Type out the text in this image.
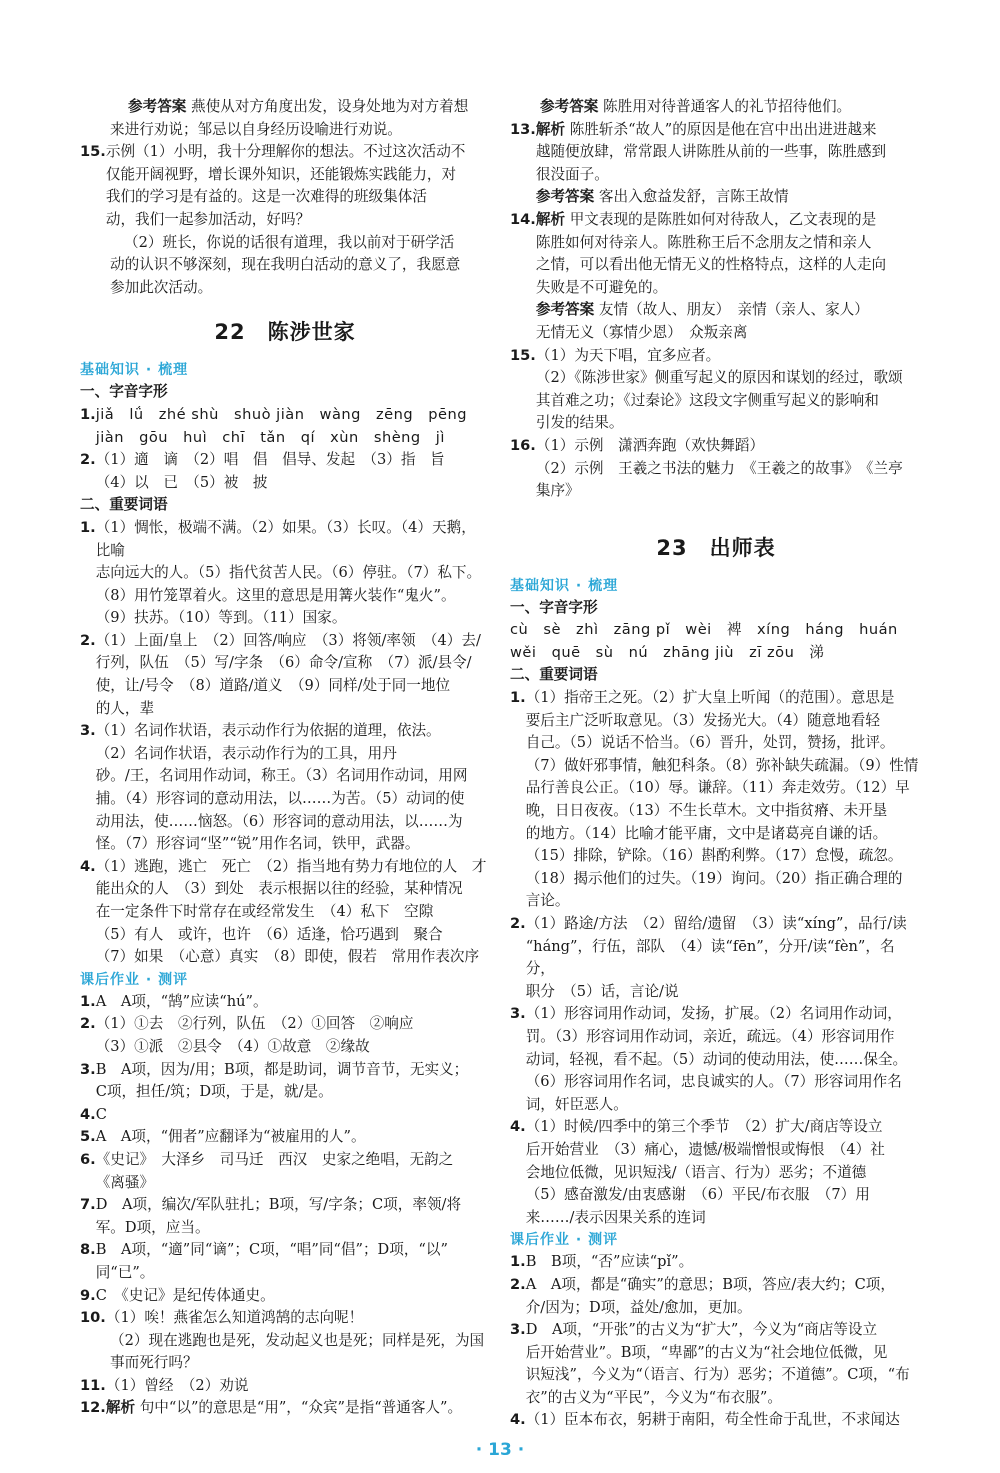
参考答案 燕使从对方角度出发，设身处地为对方着想
来进行劝说；邹忌以自身经历设喻进行劝说。
15. 示例（1）小明，我十分理解你的想法。不过这次活动不
仅能开阔视野，增长课外知识，还能锻炼实践能力，对
我们的学习是有益的。这是一次难得的班级集体活
动，我们一起参加活动，好吗？
（2）班长，你说的话很有道理，我以前对于研学活
动的认识不够深刻，现在我明白活动的意义了，我愿意
参加此次活动。
22　陈涉世家
基础知识 · 梳理
一、字音字形
1. jiǎ　lǘ　zhé shù　shuò jiàn　wàng　zēng　pēng
jiàn　gōu　huì　chī　tǎn　qí　xùn　shèng　jì
2. （1）適　谪　（2）唱　倡　倡导、发起　（3）指　旨
（4）以　已　（5）被　披
二、重要词语
1. （1）惆怅，极端不满。（2）如果。（3）长叹。（4）天鹅，比喻
志向远大的人。（5）指代贫苦人民。（6）停驻。（7）私下。
（8）用竹笼罩着火。这里的意思是用篝火装作“鬼火”。
（9）扶苏。（10）等到。（11）国家。
2. （1）上面/皇上　（2）回答/响应　（3）将领/率领　（4）去/
行列，队伍　（5）写/字条　（6）命令/宣称　（7）派/县令/
使，让/号令　（8）道路/道义　（9）同样/处于同一地位
的人，辈
3. （1）名词作状语，表示动作行为依据的道理，依法。
（2）名词作状语，表示动作行为的工具，用丹
砂。/王，名词用作动词，称王。（3）名词用作动词，用网
捕。（4）形容词的意动用法，以……为苦。（5）动词的使
动用法，使……恼怒。（6）形容词的意动用法，以……为
怪。（7）形容词“坚”“锐”用作名词，铁甲，武器。
4. （1）逃跑，逃亡　死亡　（2）指当地有势力有地位的人　才
能出众的人　（3）到处　表示根据以往的经验，某种情况
在一定条件下时常存在或经常发生　（4）私下　空隙
（5）有人　或许，也许　（6）适逢，恰巧遇到　聚合
（7）如果　（心意）真实　（8）即使，假若　常用作表次序
课后作业 · 测评
1. A　A项，“鹄”应读“hú”。
2. （1）①去　②行列，队伍　（2）①回答　②响应
（3）①派　②县令　（4）①故意　②缘故
3. B　A项，因为/用；B项，都是助词，调节音节，无实义；
C项，担任/筑；D项，于是，就/是。
4. C
5. A　A项，“佣者”应翻译为“被雇用的人”。
6. 《史记》　大泽乡　司马迁　西汉　史家之绝唱，无韵之
《离骚》
7. D　A项，编次/军队驻扎；B项，写/字条；C项，率领/将
军。D项，应当。
8. B　A项，“適”同“谪”；C项，“唱”同“倡”；D项，“以”
同“已”。
9. C　《史记》是纪传体通史。
10. （1）唉！燕雀怎么知道鸿鹄的志向呢！
（2）现在逃跑也是死，发动起义也是死；同样是死，为国
事而死行吗？
11. （1）曾经　（2）劝说
12. 解析 句中“以”的意思是“用”，“众宾”是指“普通客人”。
参考答案 陈胜用对待普通客人的礼节招待他们。
13. 解析 陈胜斩杀“故人”的原因是他在宫中出出进进越来
越随便放肆，常常跟人讲陈胜从前的一些事，陈胜感到
很没面子。
参考答案 客出入愈益发舒，言陈王故情
14. 解析 甲文表现的是陈胜如何对待敌人，乙文表现的是
陈胜如何对待亲人。陈胜称王后不念朋友之情和亲人
之情，可以看出他无情无义的性格特点，这样的人走向
失败是不可避免的。
参考答案 友情（故人、朋友）　亲情（亲人、家人）
无情无义（寡情少恩）　众叛亲离
15. （1）为天下唱，宜多应者。
（2）《陈涉世家》侧重写起义的原因和谋划的经过，歌颂
其首难之功；《过秦论》这段文字侧重写起义的影响和
引发的结果。
16. （1）示例　潇洒奔跑（欢快舞蹈）
（2）示例　王羲之书法的魅力　《王羲之的故事》　《兰亭
集序》
23　出师表
基础知识 · 梳理
一、字音字形
cù　sè　zhì　zāng pǐ　wèi　裨　xíng　háng　huán
wěi　quē　sù　nú　zhāng jiù　zī zōu　涕
二、重要词语
1. （1）指帝王之死。（2）扩大皇上听闻（的范围）。意思是
要后主广泛听取意见。（3）发扬光大。（4）随意地看轻
自己。（5）说话不恰当。（6）晋升，处罚，赞扬，批评。
（7）做奸邪事情，触犯科条。（8）弥补缺失疏漏。（9）性情
品行善良公正。（10）辱。谦辞。（11）奔走效劳。（12）早
晚，日日夜夜。（13）不生长草木。文中指贫瘠、未开垦
的地方。（14）比喻才能平庸，文中是诸葛亮自谦的话。
（15）排除，铲除。（16）斟酌利弊。（17）怠慢，疏忽。
（18）揭示他们的过失。（19）询问。（20）指正确合理的
言论。
2. （1）路途/方法　（2）留给/遗留　（3）读“xíng”，品行/读
“háng”，行伍，部队　（4）读“fēn”，分开/读“fèn”，名分，
职分　（5）话，言论/说
3. （1）形容词用作动词，发扬，扩展。（2）名词用作动词，
罚。（3）形容词用作动词，亲近，疏远。（4）形容词用作
动词，轻视，看不起。（5）动词的使动用法，使……保全。
（6）形容词用作名词，忠良诚实的人。（7）形容词用作名
词，奸臣恶人。
4. （1）时候/四季中的第三个季节　（2）扩大/商店等设立
后开始营业　（3）痛心，遗憾/极端憎恨或悔恨　（4）社
会地位低微，见识短浅/（语言、行为）恶劣；不道德
（5）感奋激发/由衷感谢　（6）平民/布衣服　（7）用
来……/表示因果关系的连词
课后作业 · 测评
1. B　B项，“否”应读“pǐ”。
2. A　A项，都是“确实”的意思；B项，答应/表大约；C项，
介/因为；D项，益处/愈加，更加。
3. D　A项，“开张”的古义为“扩大”，今义为“商店等设立
后开始营业”。B项，“卑鄙”的古义为“社会地位低微，见
识短浅”，今义为“（语言、行为）恶劣；不道德”。C项，“布
衣”的古义为“平民”，今义为“布衣服”。
4. （1）臣本布衣，躬耕于南阳，苟全性命于乱世，不求闻达
· 13 ·
